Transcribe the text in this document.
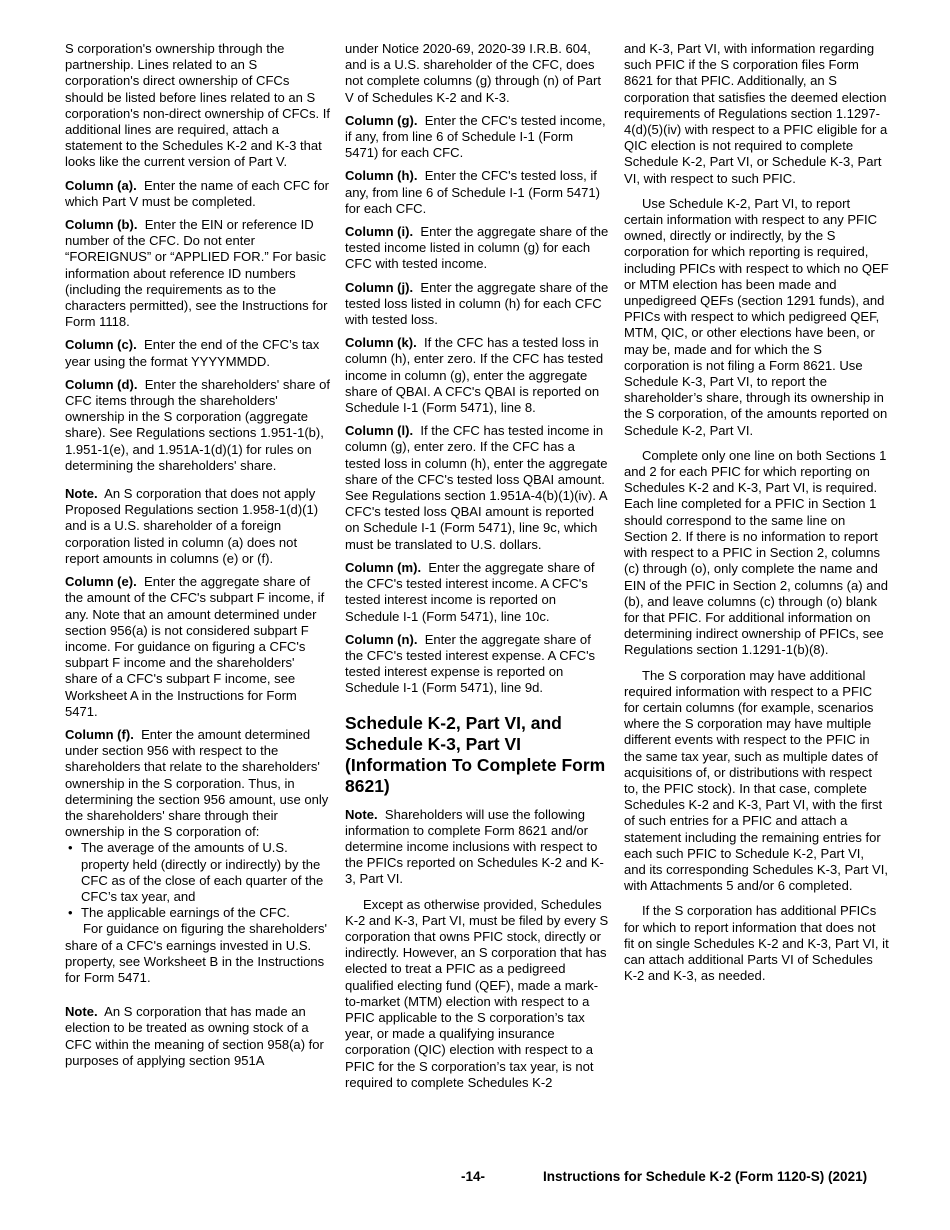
S corporation's ownership through the partnership. Lines related to an S corporation's direct ownership of CFCs should be listed before lines related to an S corporation's non-direct ownership of CFCs. If additional lines are required, attach a statement to the Schedules K-2 and K-3 that looks like the current version of Part V.

Column (a). Enter the name of each CFC for which Part V must be completed.

Column (b). Enter the EIN or reference ID number of the CFC. Do not enter “FOREIGNUS” or “APPLIED FOR.” For basic information about reference ID numbers (including the requirements as to the characters permitted), see the Instructions for Form 1118.

Column (c). Enter the end of the CFC’s tax year using the format YYYYMMDD.

Column (d). Enter the shareholders' share of CFC items through the shareholders' ownership in the S corporation (aggregate share). See Regulations sections 1.951-1(b), 1.951-1(e), and 1.951A-1(d)(1) for rules on determining the shareholders' share.

Note. An S corporation that does not apply Proposed Regulations section 1.958-1(d)(1) and is a U.S. shareholder of a foreign corporation listed in column (a) does not report amounts in columns (e) or (f).

Column (e). Enter the aggregate share of the amount of the CFC's subpart F income, if any. Note that an amount determined under section 956(a) is not considered subpart F income. For guidance on figuring a CFC's subpart F income and the shareholders' share of a CFC's subpart F income, see Worksheet A in the Instructions for Form 5471.

Column (f). Enter the amount determined under section 956 with respect to the shareholders that relate to the shareholders' ownership in the S corporation. Thus, in determining the section 956 amount, use only the shareholders' share through their ownership in the S corporation of:

• The average of the amounts of U.S. property held (directly or indirectly) by the CFC as of the close of each quarter of the CFC’s tax year, and
• The applicable earnings of the CFC.

For guidance on figuring the shareholders' share of a CFC's earnings invested in U.S. property, see Worksheet B in the Instructions for Form 5471.

Note. An S corporation that has made an election to be treated as owning stock of a CFC within the meaning of section 958(a) for purposes of applying section 951A

under Notice 2020-69, 2020-39 I.R.B. 604, and is a U.S. shareholder of the CFC, does not complete columns (g) through (n) of Part V of Schedules K-2 and K-3.

Column (g). Enter the CFC's tested income, if any, from line 6 of Schedule I-1 (Form 5471) for each CFC.

Column (h). Enter the CFC's tested loss, if any, from line 6 of Schedule I-1 (Form 5471) for each CFC.

Column (i). Enter the aggregate share of the tested income listed in column (g) for each CFC with tested income.

Column (j). Enter the aggregate share of the tested loss listed in column (h) for each CFC with tested loss.

Column (k). If the CFC has a tested loss in column (h), enter zero. If the CFC has tested income in column (g), enter the aggregate share of QBAI. A CFC's QBAI is reported on Schedule I-1 (Form 5471), line 8.

Column (l). If the CFC has tested income in column (g), enter zero. If the CFC has a tested loss in column (h), enter the aggregate share of the CFC's tested loss QBAI amount. See Regulations section 1.951A-4(b)(1)(iv). A CFC's tested loss QBAI amount is reported on Schedule I-1 (Form 5471), line 9c, which must be translated to U.S. dollars.

Column (m). Enter the aggregate share of the CFC's tested interest income. A CFC's tested interest income is reported on Schedule I-1 (Form 5471), line 10c.

Column (n). Enter the aggregate share of the CFC's tested interest expense. A CFC's tested interest expense is reported on Schedule I-1 (Form 5471), line 9d.

Schedule K-2, Part VI, and Schedule K-3, Part VI (Information To Complete Form 8621)

Note. Shareholders will use the following information to complete Form 8621 and/or determine income inclusions with respect to the PFICs reported on Schedules K-2 and K-3, Part VI.

Except as otherwise provided, Schedules K-2 and K-3, Part VI, must be filed by every S corporation that owns PFIC stock, directly or indirectly. However, an S corporation that has elected to treat a PFIC as a pedigreed qualified electing fund (QEF), made a mark-to-market (MTM) election with respect to a PFIC applicable to the S corporation’s tax year, or made a qualifying insurance corporation (QIC) election with respect to a PFIC for the S corporation’s tax year, is not required to complete Schedules K-2

and K-3, Part VI, with information regarding such PFIC if the S corporation files Form 8621 for that PFIC. Additionally, an S corporation that satisfies the deemed election requirements of Regulations section 1.1297-4(d)(5)(iv) with respect to a PFIC eligible for a QIC election is not required to complete Schedule K-2, Part VI, or Schedule K-3, Part VI, with respect to such PFIC.

Use Schedule K-2, Part VI, to report certain information with respect to any PFIC owned, directly or indirectly, by the S corporation for which reporting is required, including PFICs with respect to which no QEF or MTM election has been made and unpedigreed QEFs (section 1291 funds), and PFICs with respect to which pedigreed QEF, MTM, QIC, or other elections have been, or may be, made and for which the S corporation is not filing a Form 8621. Use Schedule K-3, Part VI, to report the shareholder’s share, through its ownership in the S corporation, of the amounts reported on Schedule K-2, Part VI.

Complete only one line on both Sections 1 and 2 for each PFIC for which reporting on Schedules K-2 and K-3, Part VI, is required. Each line completed for a PFIC in Section 1 should correspond to the same line on Section 2. If there is no information to report with respect to a PFIC in Section 2, columns (c) through (o), only complete the name and EIN of the PFIC in Section 2, columns (a) and (b), and leave columns (c) through (o) blank for that PFIC. For additional information on determining indirect ownership of PFICs, see Regulations section 1.1291-1(b)(8).

The S corporation may have additional required information with respect to a PFIC for certain columns (for example, scenarios where the S corporation may have multiple different events with respect to the PFIC in the same tax year, such as multiple dates of acquisitions of, or distributions with respect to, the PFIC stock). In that case, complete Schedules K-2 and K-3, Part VI, with the first of such entries for a PFIC and attach a statement including the remaining entries for each such PFIC to Schedule K-2, Part VI, and its corresponding Schedules K-3, Part VI, with Attachments 5 and/or 6 completed.

If the S corporation has additional PFICs for which to report information that does not fit on single Schedules K-2 and K-3, Part VI, it can attach additional Parts VI of Schedules K-2 and K-3, as needed.

-14-	Instructions for Schedule K-2 (Form 1120-S) (2021)
